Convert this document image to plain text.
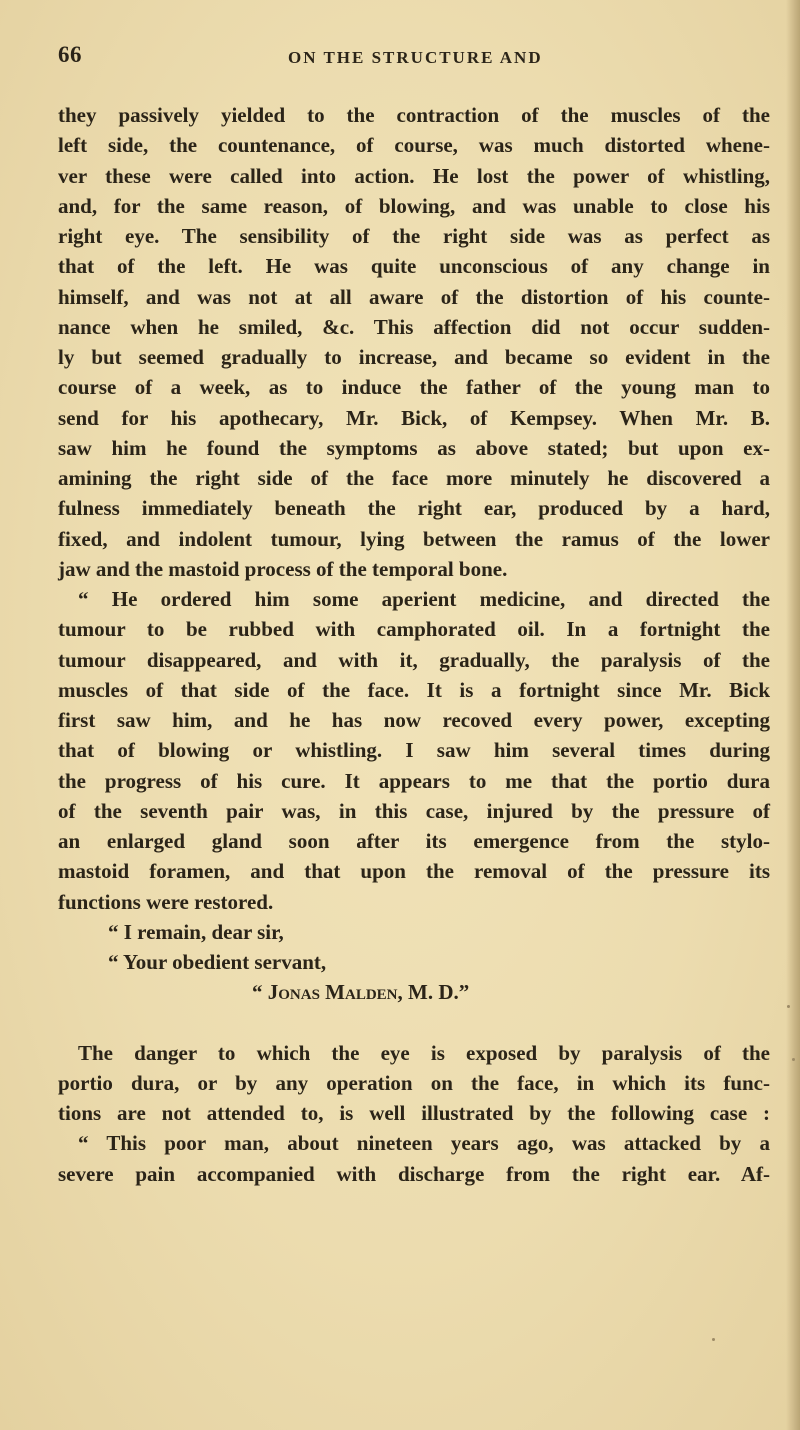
66	ON THE STRUCTURE AND
they passively yielded to the contraction of the muscles of the
left side, the countenance, of course, was much distorted whene-
ver these were called into action. He lost the power of whistling,
and, for the same reason, of blowing, and was unable to close his
right eye. The sensibility of the right side was as perfect as
that of the left. He was quite unconscious of any change in
himself, and was not at all aware of the distortion of his counte-
nance when he smiled, &c. This affection did not occur sudden-
ly but seemed gradually to increase, and became so evident in the
course of a week, as to induce the father of the young man to
send for his apothecary, Mr. Bick, of Kempsey. When Mr. B.
saw him he found the symptoms as above stated; but upon ex-
amining the right side of the face more minutely he discovered a
fulness immediately beneath the right ear, produced by a hard,
fixed, and indolent tumour, lying between the ramus of the lower
jaw and the mastoid process of the temporal bone.
“ He ordered him some aperient medicine, and directed the
tumour to be rubbed with camphorated oil. In a fortnight the
tumour disappeared, and with it, gradually, the paralysis of the
muscles of that side of the face. It is a fortnight since Mr. Bick
first saw him, and he has now recoved every power, excepting
that of blowing or whistling. I saw him several times during
the progress of his cure. It appears to me that the portio dura
of the seventh pair was, in this case, injured by the pressure of
an enlarged gland soon after its emergence from the stylo-
mastoid foramen, and that upon the removal of the pressure its
functions were restored.
“ I remain, dear sir,
“ Your obedient servant,
“ Jonas Malden, M. D.”
The danger to which the eye is exposed by paralysis of the
portio dura, or by any operation on the face, in which its func-
tions are not attended to, is well illustrated by the following case :
“ This poor man, about nineteen years ago, was attacked by a
severe pain accompanied with discharge from the right ear. Af-
